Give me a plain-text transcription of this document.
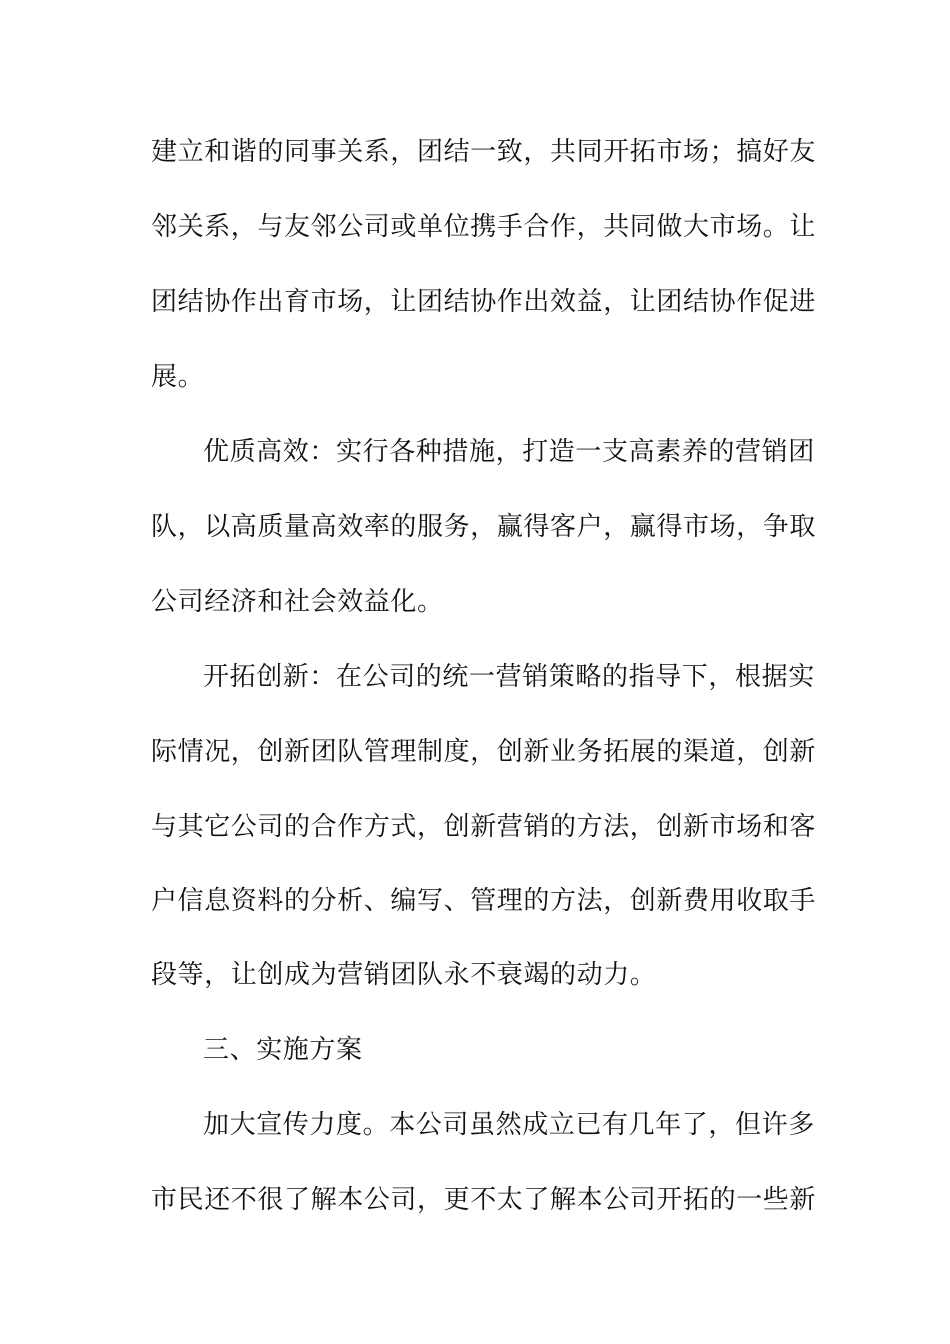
建立和谐的同事关系，团结一致，共同开拓市场；搞好友
邻关系，与友邻公司或单位携手合作，共同做大市场。让
团结协作出育市场，让团结协作出效益，让团结协作促进
展。
优质高效：实行各种措施，打造一支高素养的营销团
队，以高质量高效率的服务，赢得客户，赢得市场，争取
公司经济和社会效益化。
开拓创新：在公司的统一营销策略的指导下，根据实
际情况，创新团队管理制度，创新业务拓展的渠道，创新
与其它公司的合作方式，创新营销的方法，创新市场和客
户信息资料的分析、编写、管理的方法，创新费用收取手
段等，让创成为营销团队永不衰竭的动力。
三、实施方案
加大宣传力度。本公司虽然成立已有几年了，但许多
市民还不很了解本公司，更不太了解本公司开拓的一些新
